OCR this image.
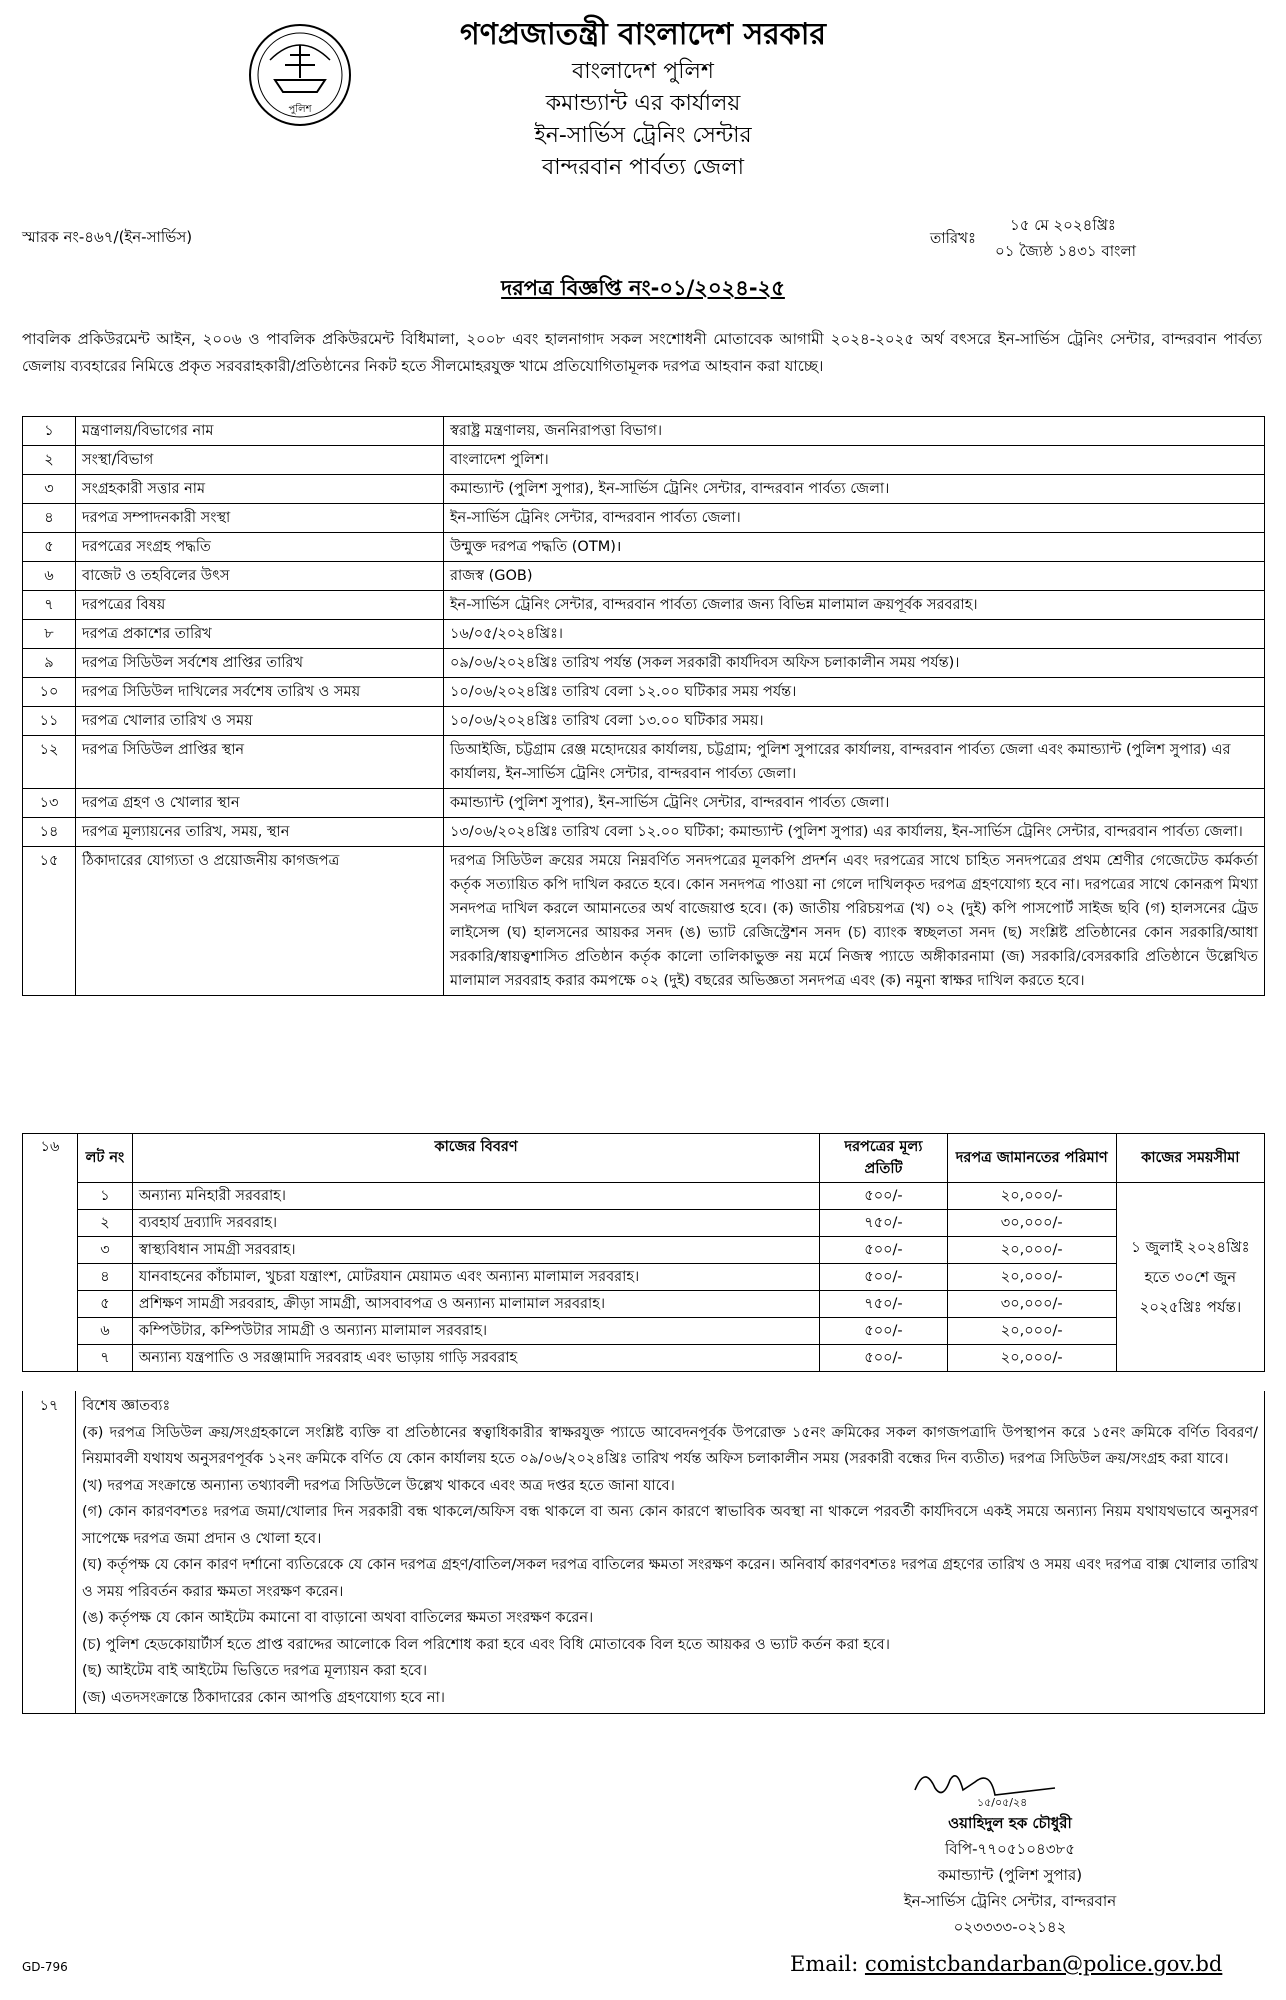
গণপ্রজাতন্ত্রী বাংলাদেশ সরকার
পুলিশ
বাংলাদেশ পুলিশ
কমান্ড্যান্ট এর কার্যালয়
ইন-সার্ভিস ট্রেনিং সেন্টার
বান্দরবান পার্বত্য জেলা
স্মারক নং-৪৬৭/(ইন-সার্ভিস)	তারিখঃ
১৫ মে ২০২৪খ্রিঃ
০১ জ্যৈষ্ঠ ১৪৩১ বাংলা
দরপত্র বিজ্ঞপ্তি নং-০১/২০২৪-২৫
পাবলিক প্রকিউরমেন্ট আইন, ২০০৬ ও পাবলিক প্রকিউরমেন্ট বিধিমালা, ২০০৮ এবং হালনাগাদ সকল সংশোধনী মোতাবেক আগামী ২০২৪-২০২৫ অর্থ বৎসরে ইন-সার্ভিস ট্রেনিং সেন্টার, বান্দরবান পার্বত্য জেলায় ব্যবহারের নিমিত্তে প্রকৃত সরবরাহকারী/প্রতিষ্ঠানের নিকট হতে সীলমোহরযুক্ত খামে প্রতিযোগিতামূলক দরপত্র আহবান করা যাচ্ছে।
১	মন্ত্রণালয়/বিভাগের নাম	স্বরাষ্ট্র মন্ত্রণালয়, জননিরাপত্তা বিভাগ।
২	সংস্থা/বিভাগ	বাংলাদেশ পুলিশ।
৩	সংগ্রহকারী সত্তার নাম	কমান্ড্যান্ট (পুলিশ সুপার), ইন-সার্ভিস ট্রেনিং সেন্টার, বান্দরবান পার্বত্য জেলা।
৪	দরপত্র সম্পাদনকারী সংস্থা	ইন-সার্ভিস ট্রেনিং সেন্টার, বান্দরবান পার্বত্য জেলা।
৫	দরপত্রের সংগ্রহ পদ্ধতি	উন্মুক্ত দরপত্র পদ্ধতি (OTM)।
৬	বাজেট ও তহবিলের উৎস	রাজস্ব (GOB)
৭	দরপত্রের বিষয়	ইন-সার্ভিস ট্রেনিং সেন্টার, বান্দরবান পার্বত্য জেলার জন্য বিভিন্ন মালামাল ক্রয়পূর্বক সরবরাহ।
৮	দরপত্র প্রকাশের তারিখ	১৬/০৫/২০২৪খ্রিঃ।
৯	দরপত্র সিডিউল সর্বশেষ প্রাপ্তির তারিখ	০৯/০৬/২০২৪খ্রিঃ তারিখ পর্যন্ত (সকল সরকারী কার্যদিবস অফিস চলাকালীন সময় পর্যন্ত)।
১০	দরপত্র সিডিউল দাখিলের সর্বশেষ তারিখ ও সময়	১০/০৬/২০২৪খ্রিঃ তারিখ বেলা ১২.০০ ঘটিকার সময় পর্যন্ত।
১১	দরপত্র খোলার তারিখ ও সময়	১০/০৬/২০২৪খ্রিঃ তারিখ বেলা ১৩.০০ ঘটিকার সময়।
১২	দরপত্র সিডিউল প্রাপ্তির স্থান	ডিআইজি, চট্টগ্রাম রেঞ্জ মহোদয়ের কার্যালয়, চট্টগ্রাম; পুলিশ সুপারের কার্যালয়, বান্দরবান পার্বত্য জেলা এবং কমান্ড্যান্ট (পুলিশ সুপার) এর কার্যালয়, ইন-সার্ভিস ট্রেনিং সেন্টার, বান্দরবান পার্বত্য জেলা।
১৩	দরপত্র গ্রহণ ও খোলার স্থান	কমান্ড্যান্ট (পুলিশ সুপার), ইন-সার্ভিস ট্রেনিং সেন্টার, বান্দরবান পার্বত্য জেলা।
১৪	দরপত্র মূল্যায়নের তারিখ, সময়, স্থান	১৩/০৬/২০২৪খ্রিঃ তারিখ বেলা ১২.০০ ঘটিকা; কমান্ড্যান্ট (পুলিশ সুপার) এর কার্যালয়, ইন-সার্ভিস ট্রেনিং সেন্টার, বান্দরবান পার্বত্য জেলা।
১৫	ঠিকাদারের যোগ্যতা ও প্রয়োজনীয় কাগজপত্র	দরপত্র সিডিউল ক্রয়ের সময়ে নিম্নবর্ণিত সনদপত্রের মূলকপি প্রদর্শন এবং দরপত্রের সাথে চাহিত সনদপত্রের প্রথম শ্রেণীর গেজেটেড কর্মকর্তা কর্তৃক সত্যায়িত কপি দাখিল করতে হবে। কোন সনদপত্র পাওয়া না গেলে দাখিলকৃত দরপত্র গ্রহণযোগ্য হবে না। দরপত্রের সাথে কোনরূপ মিথ্যা সনদপত্র দাখিল করলে আমানতের অর্থ বাজেয়াপ্ত হবে। (ক) জাতীয় পরিচয়পত্র (খ) ০২ (দুই) কপি পাসপোর্ট সাইজ ছবি (গ) হালসনের ট্রেড লাইসেন্স (ঘ) হালসনের আয়কর সনদ (ঙ) ভ্যাট রেজিস্ট্রেশন সনদ (চ) ব্যাংক স্বচ্ছলতা সনদ (ছ) সংশ্লিষ্ট প্রতিষ্ঠানের কোন সরকারি/আধা সরকারি/স্বায়ত্বশাসিত প্রতিষ্ঠান কর্তৃক কালো তালিকাভুক্ত নয় মর্মে নিজস্ব প্যাডে অঙ্গীকারনামা (জ) সরকারি/বেসরকারি প্রতিষ্ঠানে উল্লেখিত মালামাল সরবরাহ করার কমপক্ষে ০২ (দুই) বছরের অভিজ্ঞতা সনদপত্র এবং (ক) নমুনা স্বাক্ষর দাখিল করতে হবে।
১৬	লট নং	কাজের বিবরণ	দরপত্রের মূল্য প্রতিটি	দরপত্র জামানতের পরিমাণ	কাজের সময়সীমা
	১	অন্যান্য মনিহারী সরবরাহ।	৫০০/-	২০,০০০/-	১ জুলাই ২০২৪খ্রিঃ হতে ৩০শে জুন ২০২৫খ্রিঃ পর্যন্ত।
	২	ব্যবহার্য দ্রব্যাদি সরবরাহ।	৭৫০/-	৩০,০০০/-	
	৩	স্বাস্থ্যবিধান সামগ্রী সরবরাহ।	৫০০/-	২০,০০০/-	
	৪	যানবাহনের কাঁচামাল, খুচরা যন্ত্রাংশ, মোটরযান মেয়ামত এবং অন্যান্য মালামাল সরবরাহ।	৫০০/-	২০,০০০/-	
	৫	প্রশিক্ষণ সামগ্রী সরবরাহ, ক্রীড়া সামগ্রী, আসবাবপত্র ও অন্যান্য মালামাল সরবরাহ।	৭৫০/-	৩০,০০০/-	
	৬	কম্পিউটার, কম্পিউটার সামগ্রী ও অন্যান্য মালামাল সরবরাহ।	৫০০/-	২০,০০০/-	
	৭	অন্যান্য যন্ত্রপাতি ও সরঞ্জামাদি সরবরাহ এবং ভাড়ায় গাড়ি সরবরাহ	৫০০/-	২০,০০০/-	
১৭	বিশেষ জ্ঞাতব্যঃ
(ক) দরপত্র সিডিউল ক্রয়/সংগ্রহকালে সংশ্লিষ্ট ব্যক্তি বা প্রতিষ্ঠানের স্বত্বাধিকারীর স্বাক্ষরযুক্ত প্যাডে আবেদনপূর্বক উপরোক্ত ১৫নং ক্রমিকের সকল কাগজপত্রাদি উপস্থাপন করে ১৫নং ক্রমিকে বর্ণিত বিবরণ/নিয়মাবলী যথাযথ অনুসরণপূর্বক ১২নং ক্রমিকে বর্ণিত যে কোন কার্যালয় হতে ০৯/০৬/২০২৪খ্রিঃ তারিখ পর্যন্ত অফিস চলাকালীন সময় (সরকারী বন্ধের দিন ব্যতীত) দরপত্র সিডিউল ক্রয়/সংগ্রহ করা যাবে।
(খ) দরপত্র সংক্রান্তে অন্যান্য তথ্যাবলী দরপত্র সিডিউলে উল্লেখ থাকবে এবং অত্র দপ্তর হতে জানা যাবে।
(গ) কোন কারণবশতঃ দরপত্র জমা/খোলার দিন সরকারী বন্ধ থাকলে/অফিস বন্ধ থাকলে বা অন্য কোন কারণে স্বাভাবিক অবস্থা না থাকলে পরবর্তী কার্যদিবসে একই সময়ে অন্যান্য নিয়ম যথাযথভাবে অনুসরণ সাপেক্ষে দরপত্র জমা প্রদান ও খোলা হবে।
(ঘ) কর্তৃপক্ষ যে কোন কারণ দর্শানো ব্যতিরেকে যে কোন দরপত্র গ্রহণ/বাতিল/সকল দরপত্র বাতিলের ক্ষমতা সংরক্ষণ করেন। অনিবার্য কারণবশতঃ দরপত্র গ্রহণের তারিখ ও সময় এবং দরপত্র বাক্স খোলার তারিখ ও সময় পরিবর্তন করার ক্ষমতা সংরক্ষণ করেন।
(ঙ) কর্তৃপক্ষ যে কোন আইটেম কমানো বা বাড়ানো অথবা বাতিলের ক্ষমতা সংরক্ষণ করেন।
(চ) পুলিশ হেডকোয়ার্টার্স হতে প্রাপ্ত বরাদ্দের আলোকে বিল পরিশোধ করা হবে এবং বিধি মোতাবেক বিল হতে আয়কর ও ভ্যাট কর্তন করা হবে।
(ছ) আইটেম বাই আইটেম ভিত্তিতে দরপত্র মূল্যায়ন করা হবে।
(জ) এতদসংক্রান্তে ঠিকাদারের কোন আপত্তি গ্রহণযোগ্য হবে না।
১৫/০৫/২৪
ওয়াহিদুল হক চৌধুরী
বিপি-৭৭০৫১০৪৩৮৫
কমান্ড্যান্ট (পুলিশ সুপার)
ইন-সার্ভিস ট্রেনিং সেন্টার, বান্দরবান
০২৩৩৩৩-০২১৪২
GD-796	Email: comistcbandarban@police.gov.bd
